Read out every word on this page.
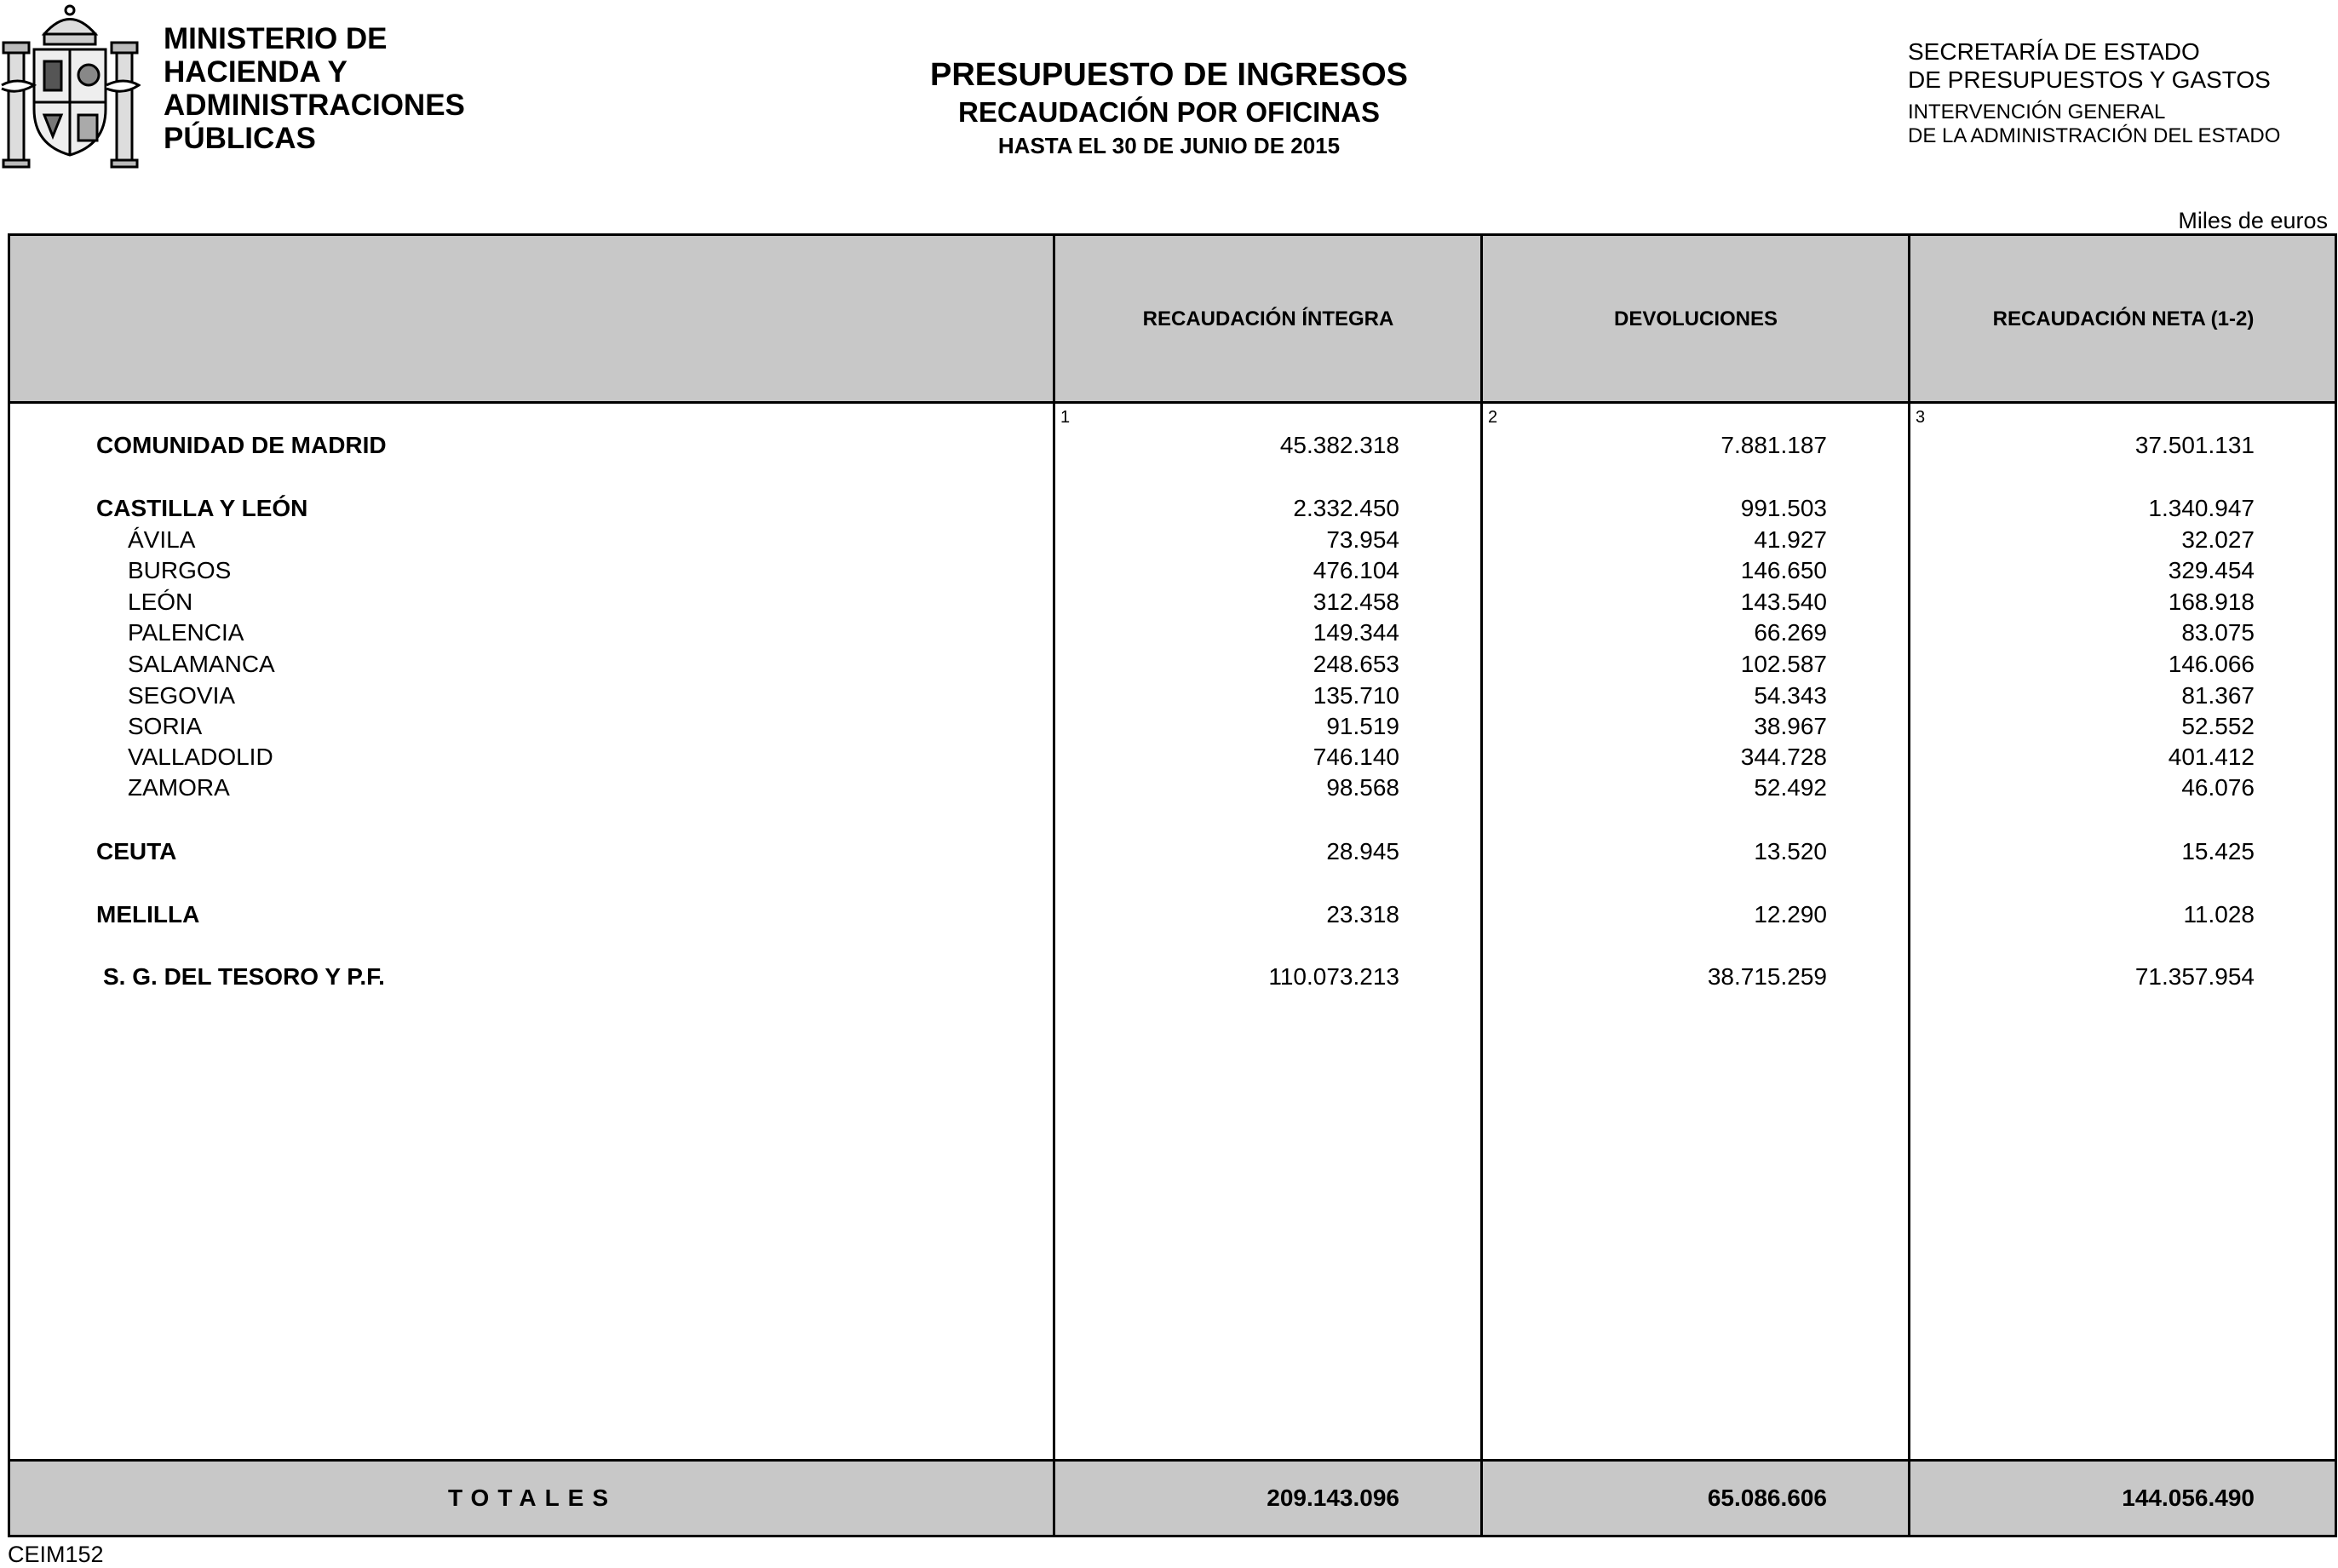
MINISTERIO DE
HACIENDA Y
ADMINISTRACIONES
PÚBLICAS
PRESUPUESTO DE INGRESOS
RECAUDACIÓN POR OFICINAS
HASTA EL 30 DE JUNIO DE 2015
SECRETARÍA DE ESTADO
DE PRESUPUESTOS Y GASTOS
INTERVENCIÓN GENERAL
DE LA ADMINISTRACIÓN DEL ESTADO
Miles de euros
RECAUDACIÓN ÍNTEGRA	DEVOLUCIONES	RECAUDACIÓN NETA (1-2)
1	2	3
COMUNIDAD DE MADRID	45.382.318	7.881.187	37.501.131
CASTILLA Y LEÓN	2.332.450	991.503	1.340.947
ÁVILA	73.954	41.927	32.027
BURGOS	476.104	146.650	329.454
LEÓN	312.458	143.540	168.918
PALENCIA	149.344	66.269	83.075
SALAMANCA	248.653	102.587	146.066
SEGOVIA	135.710	54.343	81.367
SORIA	91.519	38.967	52.552
VALLADOLID	746.140	344.728	401.412
ZAMORA	98.568	52.492	46.076
CEUTA	28.945	13.520	15.425
MELILLA	23.318	12.290	11.028
S. G. DEL TESORO Y P.F.	110.073.213	38.715.259	71.357.954
TOTALES	209.143.096	65.086.606	144.056.490
CEIM152
